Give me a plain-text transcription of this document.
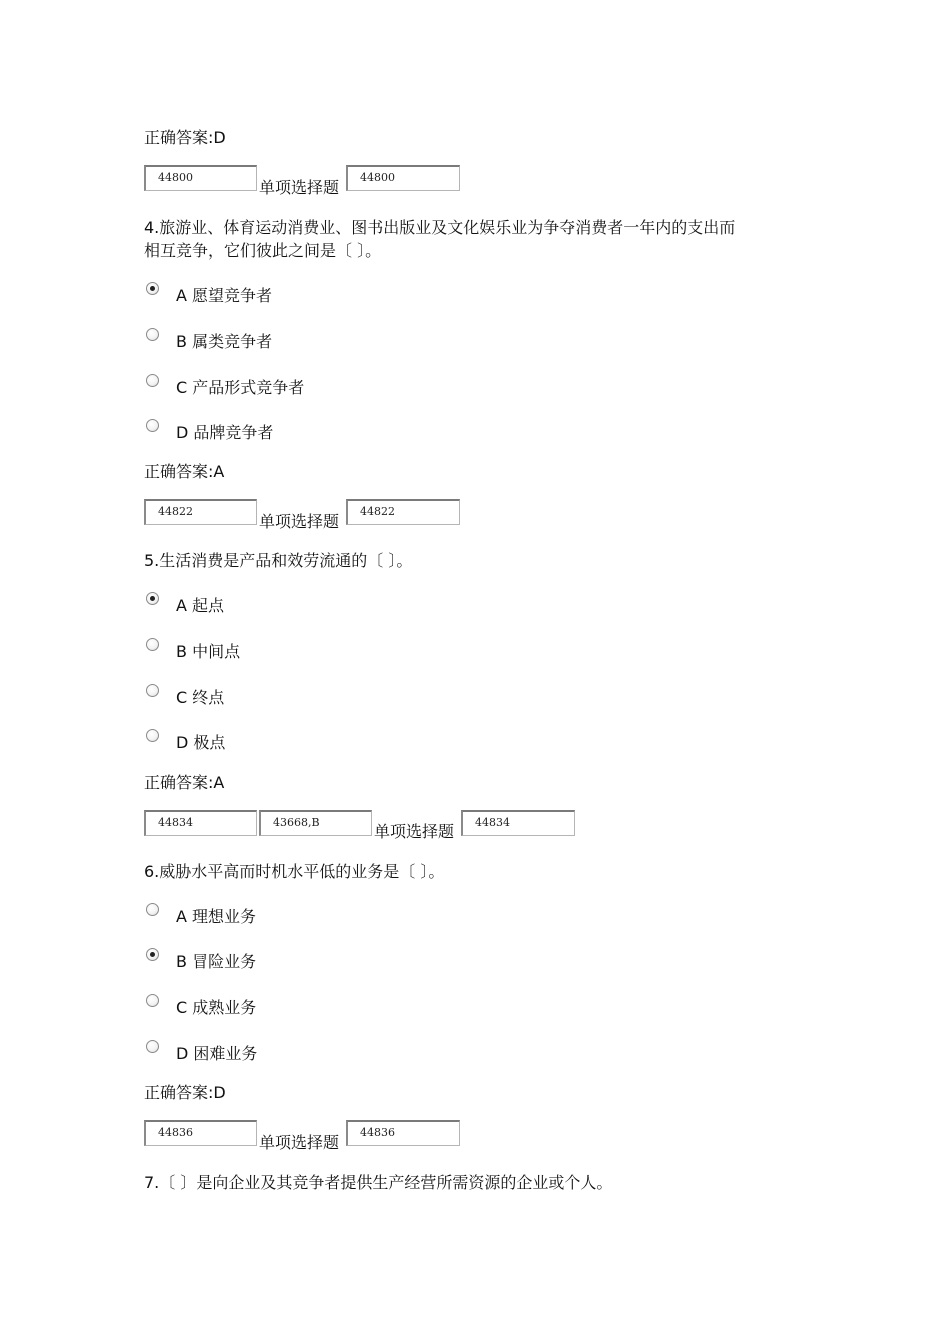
正确答案:D
44800
单项选择题
44800
4.旅游业、体育运动消费业、图书出版业及文化娱乐业为争夺消费者一年内的支出而
相互竞争，它们彼此之间是〔 〕。
A 愿望竞争者
B 属类竞争者
C 产品形式竞争者
D 品牌竞争者
正确答案:A
44822
单项选择题
44822
5.生活消费是产品和效劳流通的〔 〕。
A 起点
B 中间点
C 终点
D 极点
正确答案:A
44834	43668,B	单项选择题	44834
6.威胁水平高而时机水平低的业务是〔 〕。
A 理想业务
B 冒险业务
C 成熟业务
D 困难业务
正确答案:D
44836
单项选择题
44836
7.〔 〕是向企业及其竞争者提供生产经营所需资源的企业或个人。
